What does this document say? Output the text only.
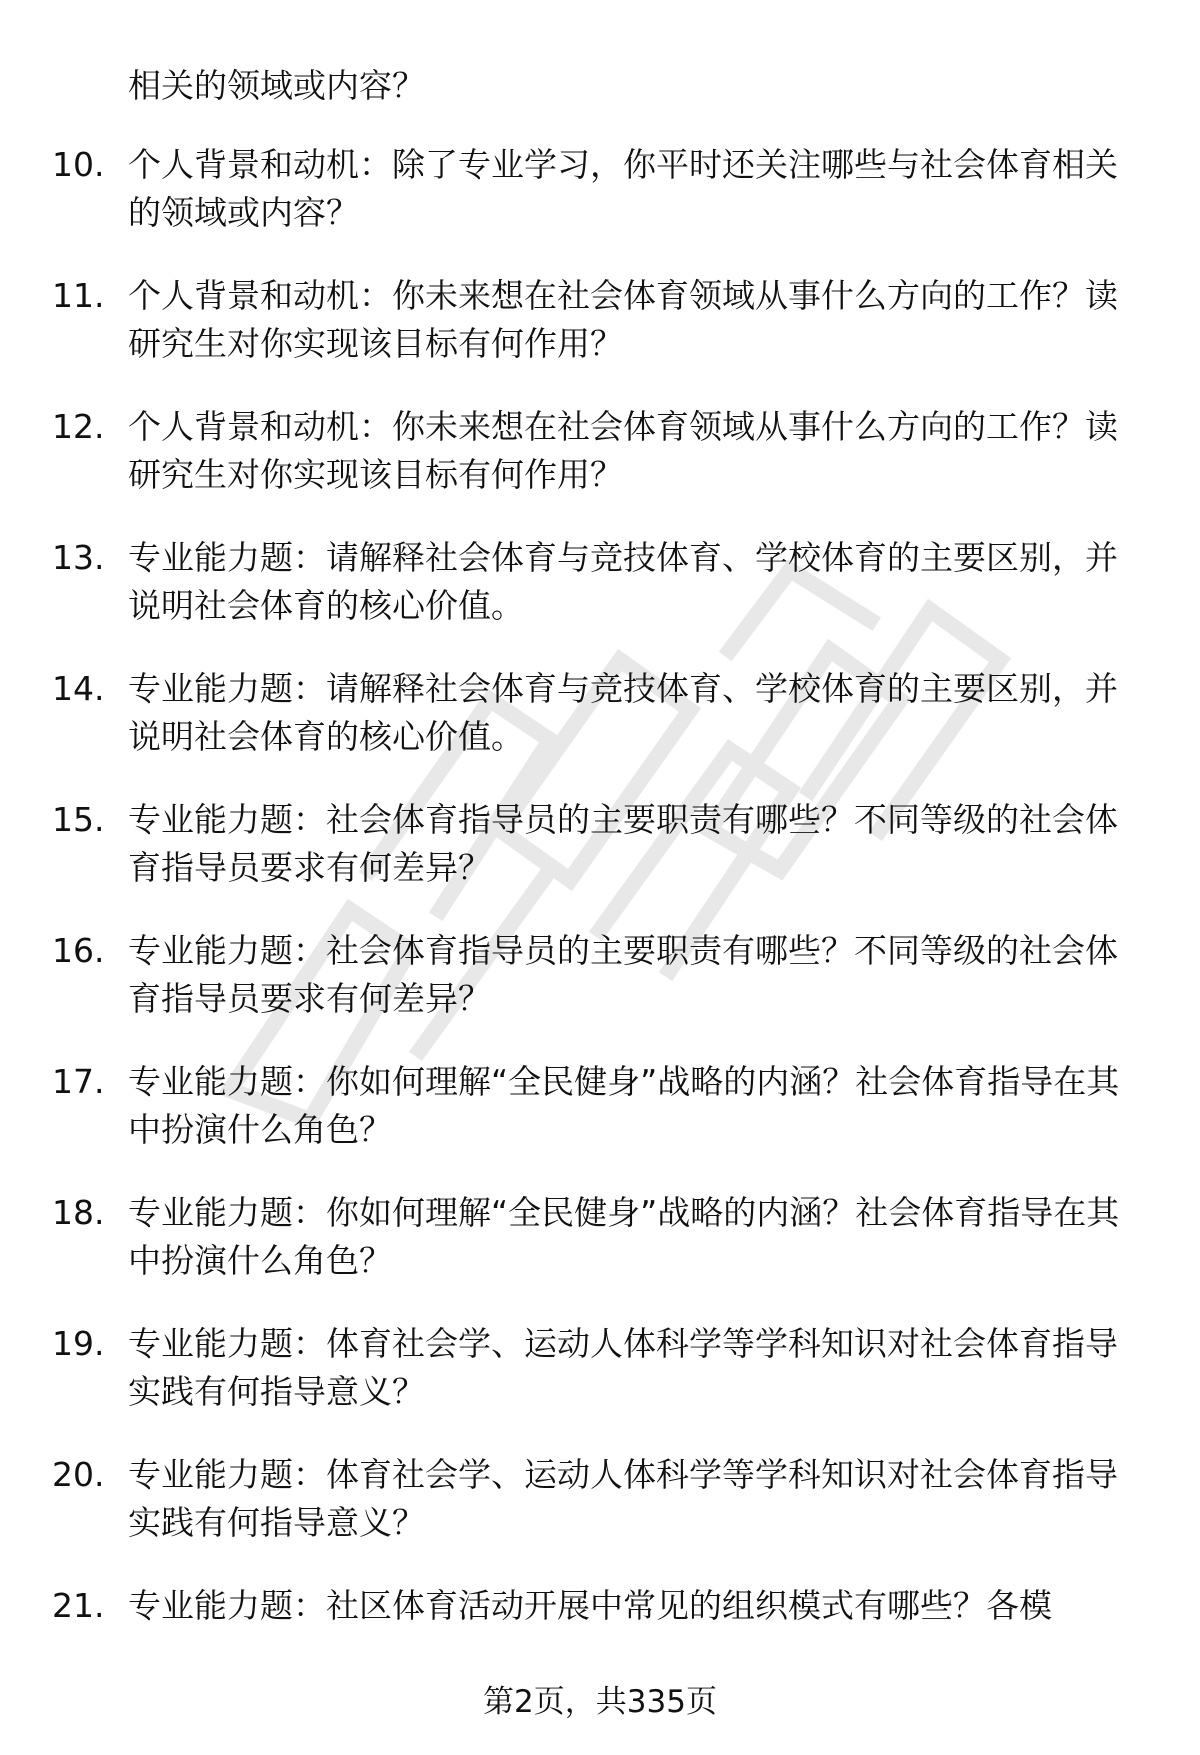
相关的领域或内容？

10. 个人背景和动机：除了专业学习，你平时还关注哪些与社会体育相关的领域或内容？

11. 个人背景和动机：你未来想在社会体育领域从事什么方向的工作？读研究生对你实现该目标有何作用？

12. 个人背景和动机：你未来想在社会体育领域从事什么方向的工作？读研究生对你实现该目标有何作用？

13. 专业能力题：请解释社会体育与竞技体育、学校体育的主要区别，并说明社会体育的核心价值。

14. 专业能力题：请解释社会体育与竞技体育、学校体育的主要区别，并说明社会体育的核心价值。

15. 专业能力题：社会体育指导员的主要职责有哪些？不同等级的社会体育指导员要求有何差异？

16. 专业能力题：社会体育指导员的主要职责有哪些？不同等级的社会体育指导员要求有何差异？

17. 专业能力题：你如何理解“全民健身”战略的内涵？社会体育指导在其中扮演什么角色？

18. 专业能力题：你如何理解“全民健身”战略的内涵？社会体育指导在其中扮演什么角色？

19. 专业能力题：体育社会学、运动人体科学等学科知识对社会体育指导实践有何指导意义？

20. 专业能力题：体育社会学、运动人体科学等学科知识对社会体育指导实践有何指导意义？

21. 专业能力题：社区体育活动开展中常见的组织模式有哪些？各模

第2页，共335页
